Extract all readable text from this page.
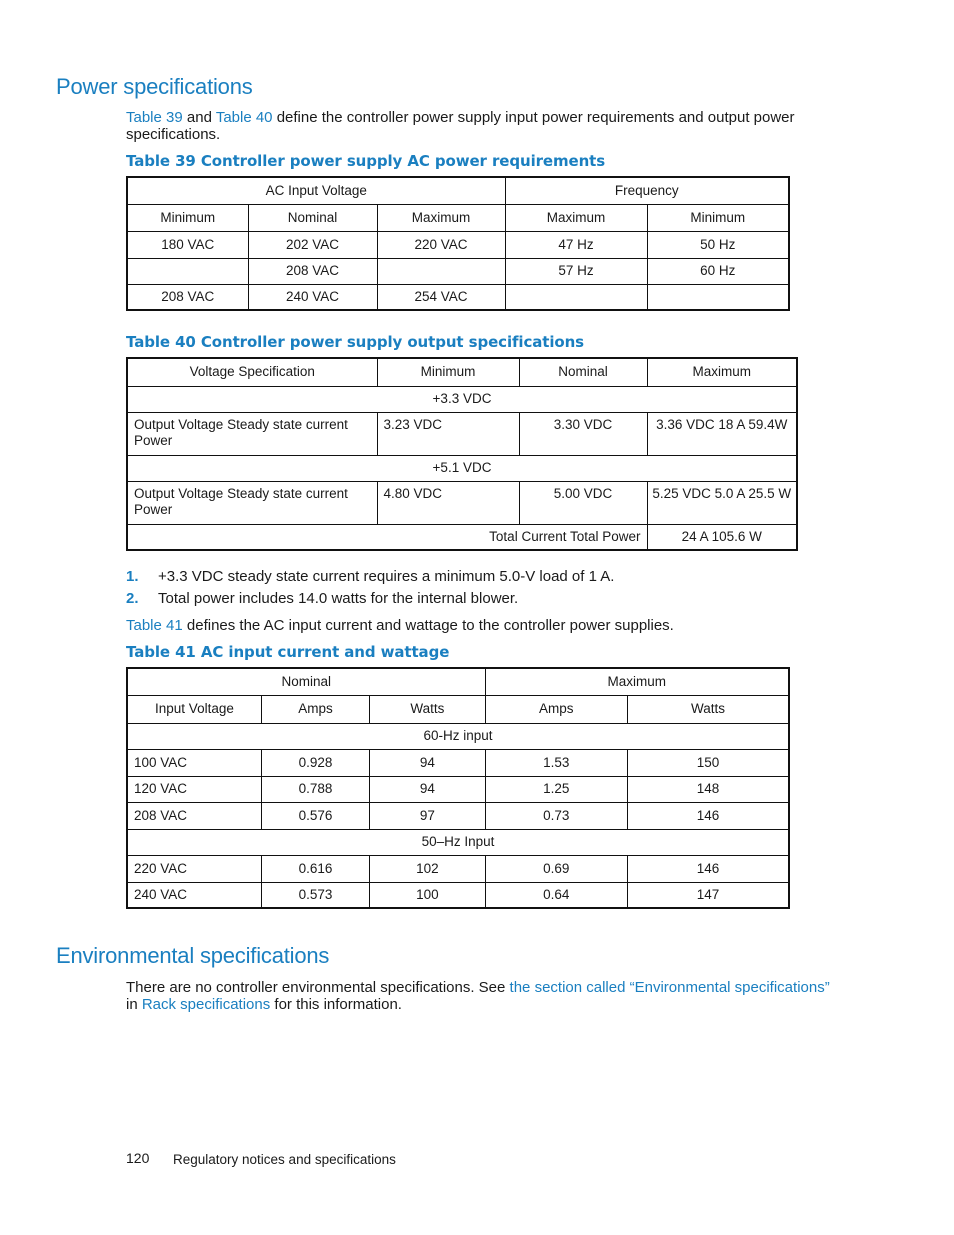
Power specifications
Table 39 and Table 40 define the controller power supply input power requirements and output power specifications.
Table 39 Controller power supply AC power requirements
AC Input Voltage			Frequency	
Minimum	Nominal	Maximum	Maximum	Minimum
180 VAC	202 VAC	220 VAC	47 Hz	50 Hz
	208 VAC		57 Hz	60 Hz
208 VAC	240 VAC	254 VAC		
Table 40 Controller power supply output specifications
Voltage Specification	Minimum	Nominal	Maximum
+3.3 VDC			
Output Voltage Steady state current Power	3.23 VDC	3.30 VDC	3.36 VDC 18 A 59.4W
+5.1 VDC			
Output Voltage Steady state current Power	4.80 VDC	5.00 VDC	5.25 VDC 5.0 A 25.5 W
Total Current Total Power			24 A 105.6 W
1. +3.3 VDC steady state current requires a minimum 5.0-V load of 1 A.
2. Total power includes 14.0 watts for the internal blower.
Table 41 defines the AC input current and wattage to the controller power supplies.
Table 41 AC input current and wattage
Nominal			Maximum	
Input Voltage	Amps	Watts	Amps	Watts
60-Hz input				
100 VAC	0.928	94	1.53	150
120 VAC	0.788	94	1.25	148
208 VAC	0.576	97	0.73	146
50–Hz Input				
220 VAC	0.616	102	0.69	146
240 VAC	0.573	100	0.64	147
Environmental specifications
There are no controller environmental specifications. See the section called “Environmental specifications”
in Rack specifications for this information.
120 Regulatory notices and specifications
